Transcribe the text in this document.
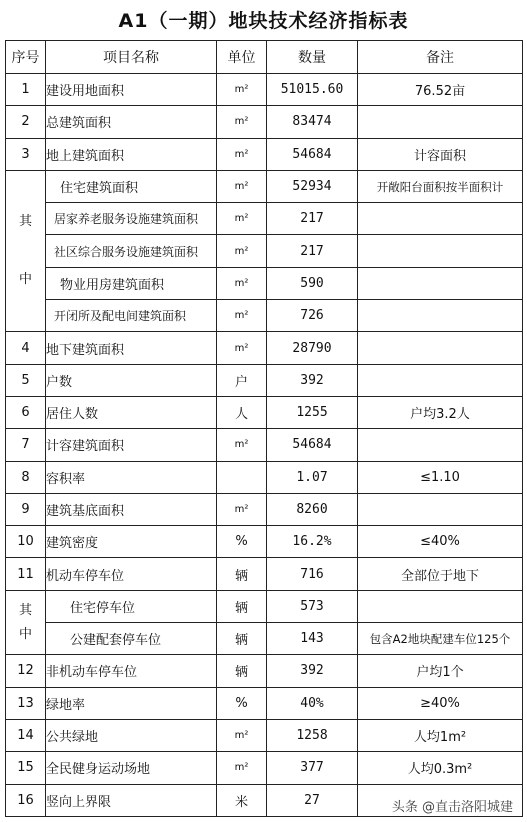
A1（一期）地块技术经济指标表
序号	项目名称	单位	数量	备注
1	建设用地面积	m²	51015.60	76.52亩
2	总建筑面积	m²	83474	
3	地上建筑面积	m²	54684	计容面积

其
中	住宅建筑面积	m²	52934	开敞阳台面积按半面积计
	居家养老服务设施建筑面积	m²	217	
	社区综合服务设施建筑面积	m²	217	
	物业用房建筑面积	m²	590	
	开闭所及配电间建筑面积	m²	726	
4	地下建筑面积	m²	28790	
5	户数	户	392	
6	居住人数	人	1255	户均3.2人
7	计容建筑面积	m²	54684	
8	容积率		1.07	≤1.10
9	建筑基底面积	m²	8260	
10	建筑密度	%	16.2%	≤40%
11	机动车停车位	辆	716	全部位于地下

其
中	住宅停车位	辆	573	
	公建配套停车位	辆	143	包含A2地块配建车位125个
12	非机动车停车位	辆	392	户均1个
13	绿地率	%	40%	≥40%
14	公共绿地	m²	1258	人均1m²
15	全民健身运动场地	m²	377	人均0.3m²
16	竖向上界限	米	27		头条 @直击洛阳城建
